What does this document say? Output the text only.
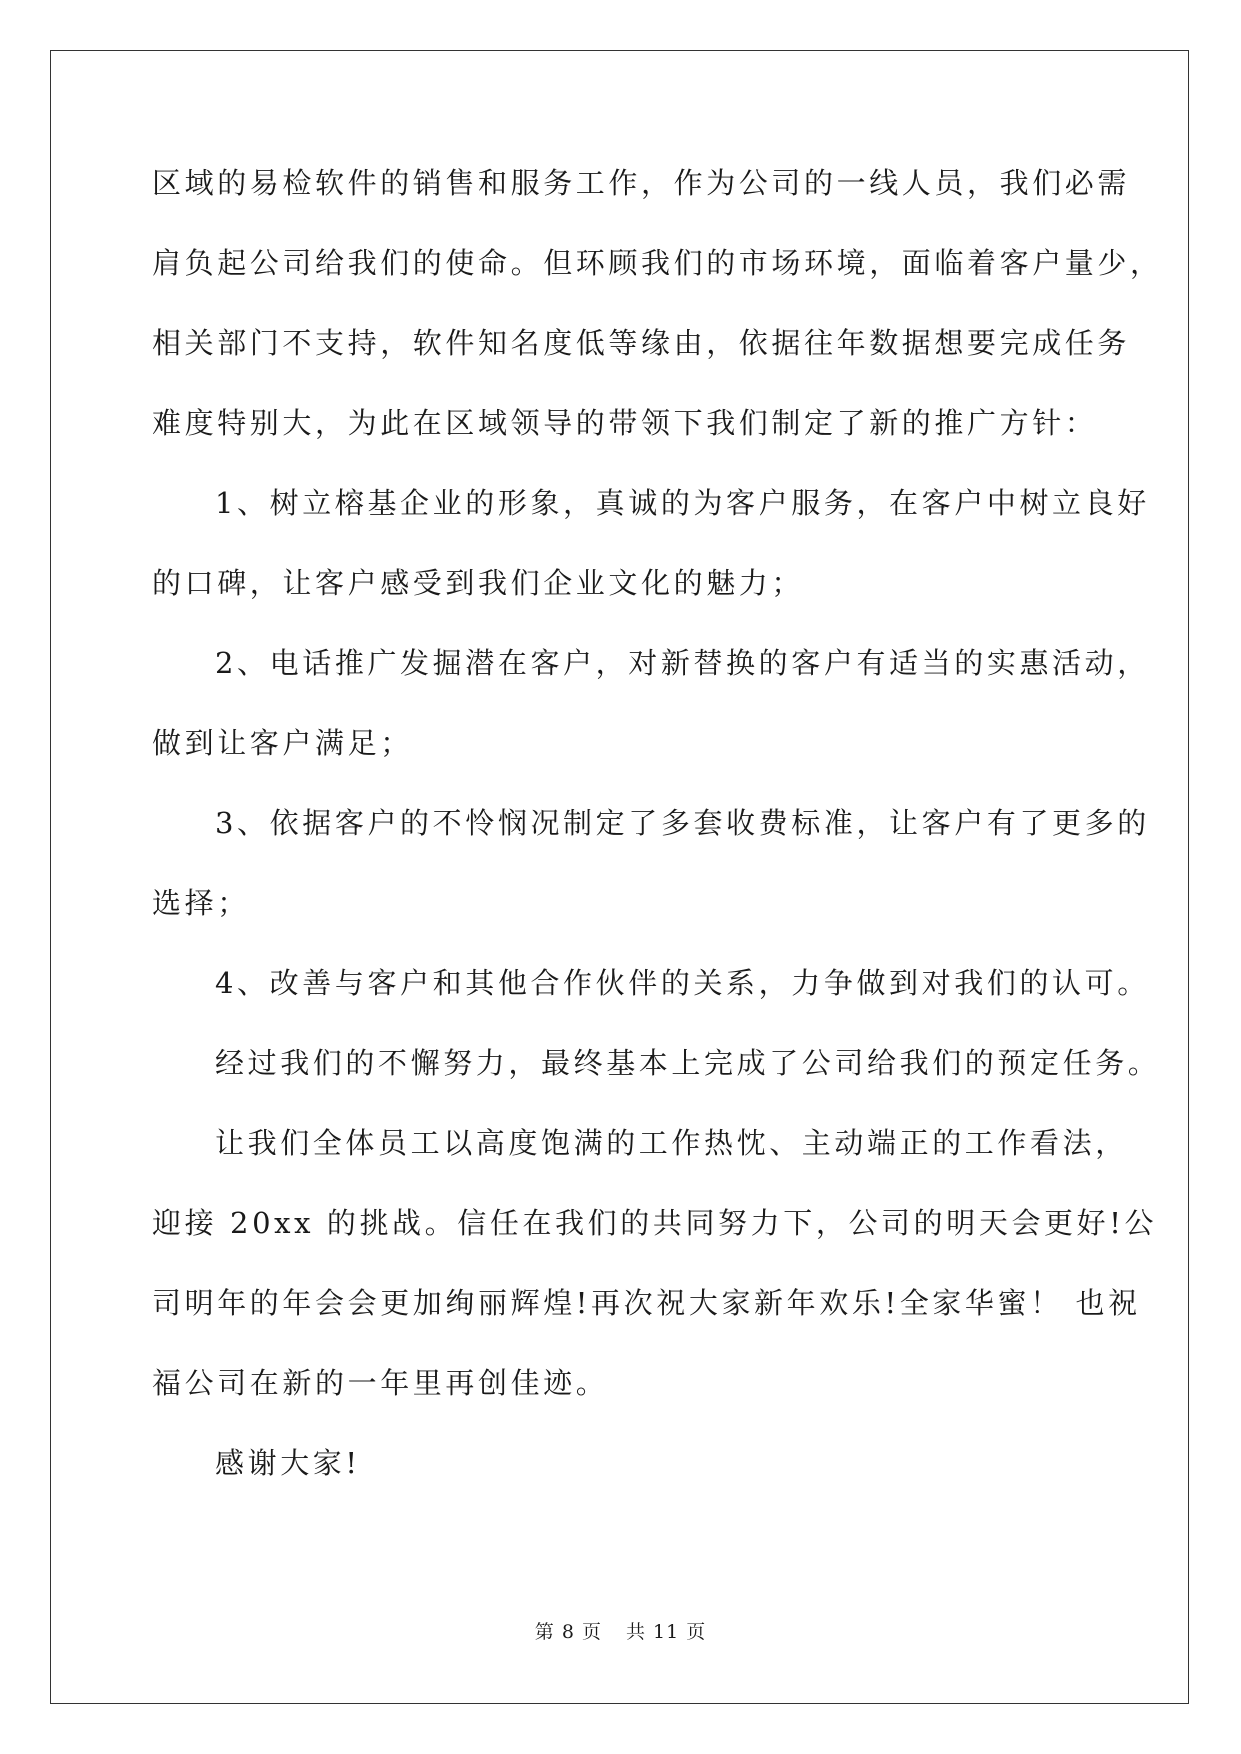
区域的易检软件的销售和服务工作，作为公司的一线人员，我们必需
肩负起公司给我们的使命。但环顾我们的市场环境，面临着客户量少，
相关部门不支持，软件知名度低等缘由，依据往年数据想要完成任务
难度特别大，为此在区域领导的带领下我们制定了新的推广方针：
1、树立榕基企业的形象，真诚的为客户服务，在客户中树立良好
的口碑，让客户感受到我们企业文化的魅力；
2、电话推广发掘潜在客户，对新替换的客户有适当的实惠活动，
做到让客户满足；
3、依据客户的不怜悯况制定了多套收费标准，让客户有了更多的
选择；
4、改善与客户和其他合作伙伴的关系，力争做到对我们的认可。
经过我们的不懈努力，最终基本上完成了公司给我们的预定任务。
让我们全体员工以高度饱满的工作热忱、主动端正的工作看法，
迎接 20xx 的挑战。信任在我们的共同努力下，公司的明天会更好!公
司明年的年会会更加绚丽辉煌!再次祝大家新年欢乐!全家华蜜！ 也祝
福公司在新的一年里再创佳迹。
感谢大家!
第 8 页 共 11 页
